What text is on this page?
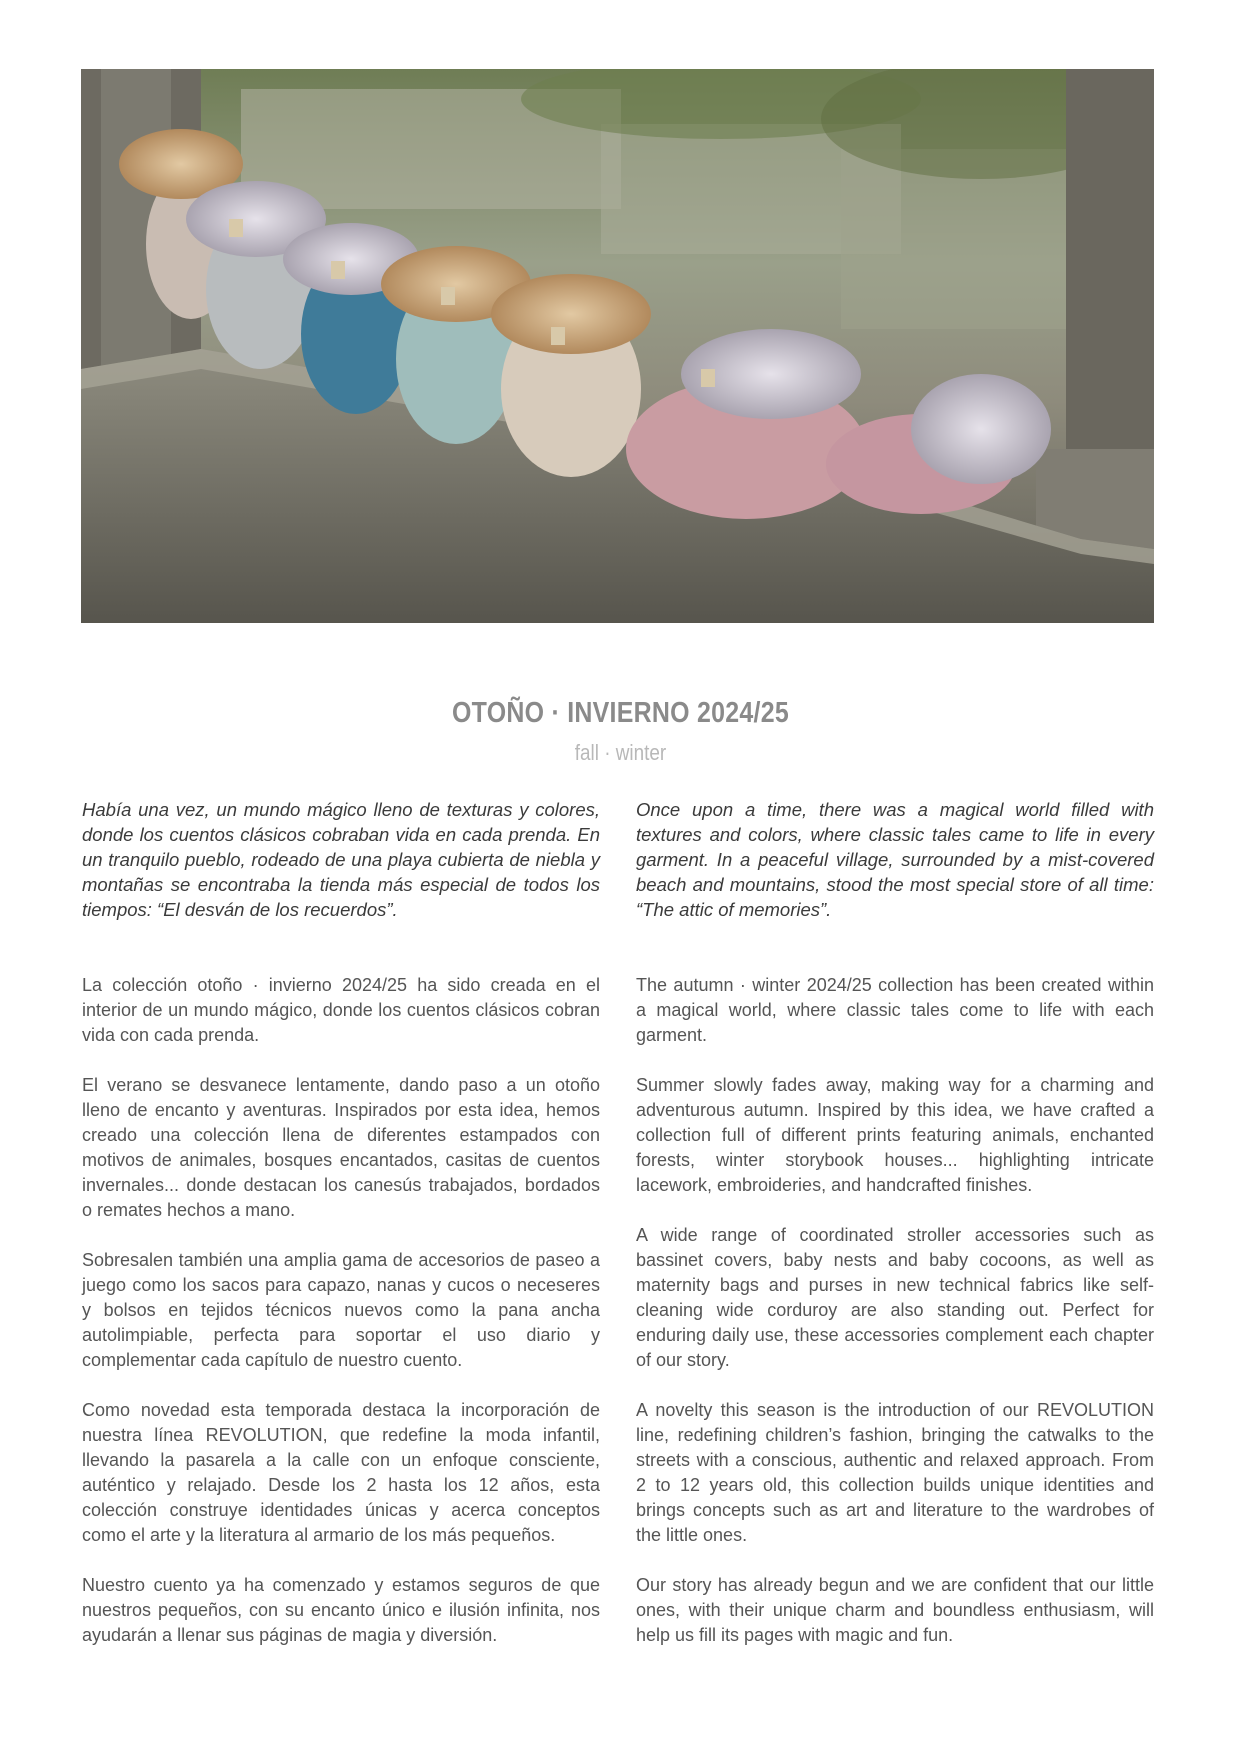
OTOÑO · INVIERNO 2024/25
fall · winter

Había una vez, un mundo mágico lleno de texturas y colores, donde los cuentos clásicos cobraban vida en cada prenda. En un tranquilo pueblo, rodeado de una playa cubierta de niebla y montañas se encontraba la tienda más especial de todos los tiempos: “El desván de los recuerdos”.

Once upon a time, there was a magical world filled with textures and colors, where classic tales came to life in every garment. In a peaceful village, surrounded by a mist-covered beach and mountains, stood the most special store of all time: “The attic of memories”.

La colección otoño · invierno 2024/25 ha sido creada en el interior de un mundo mágico, donde los cuentos clásicos cobran vida con cada prenda.

El verano se desvanece lentamente, dando paso a un otoño lleno de encanto y aventuras. Inspirados por esta idea, hemos creado una colección llena de diferentes estampados con motivos de animales, bosques encantados, casitas de cuentos invernales... donde destacan los canesús trabajados, bordados o remates hechos a mano.

Sobresalen también una amplia gama de accesorios de paseo a juego como los sacos para capazo, nanas y cucos o neceseres y bolsos en tejidos técnicos nuevos como la pana ancha autolimpiable, perfecta para soportar el uso diario y complementar cada capítulo de nuestro cuento.

Como novedad esta temporada destaca la incorporación de nuestra línea REVOLUTION, que redefine la moda infantil, llevando la pasarela a la calle con un enfoque consciente, auténtico y relajado. Desde los 2 hasta los 12 años, esta colección construye identidades únicas y acerca conceptos como el arte y la literatura al armario de los más pequeños.

Nuestro cuento ya ha comenzado y estamos seguros de que nuestros pequeños, con su encanto único e ilusión infinita, nos ayudarán a llenar sus páginas de magia y diversión.

The autumn · winter 2024/25 collection has been created within a magical world, where classic tales come to life with each garment.

Summer slowly fades away, making way for a charming and adventurous autumn. Inspired by this idea, we have crafted a collection full of different prints featuring animals, enchanted forests, winter storybook houses... highlighting intricate lacework, embroideries, and handcrafted finishes.

A wide range of coordinated stroller accessories such as bassinet covers, baby nests and baby cocoons, as well as maternity bags and purses in new technical fabrics like self-cleaning wide corduroy are also standing out. Perfect for enduring daily use, these accessories complement each chapter of our story.

A novelty this season is the introduction of our REVOLUTION line, redefining children’s fashion, bringing the catwalks to the streets with a conscious, authentic and relaxed approach. From 2 to 12 years old, this collection builds unique identities and brings concepts such as art and literature to the wardrobes of the little ones.

Our story has already begun and we are confident that our little ones, with their unique charm and boundless enthusiasm, will help us fill its pages with magic and fun.
